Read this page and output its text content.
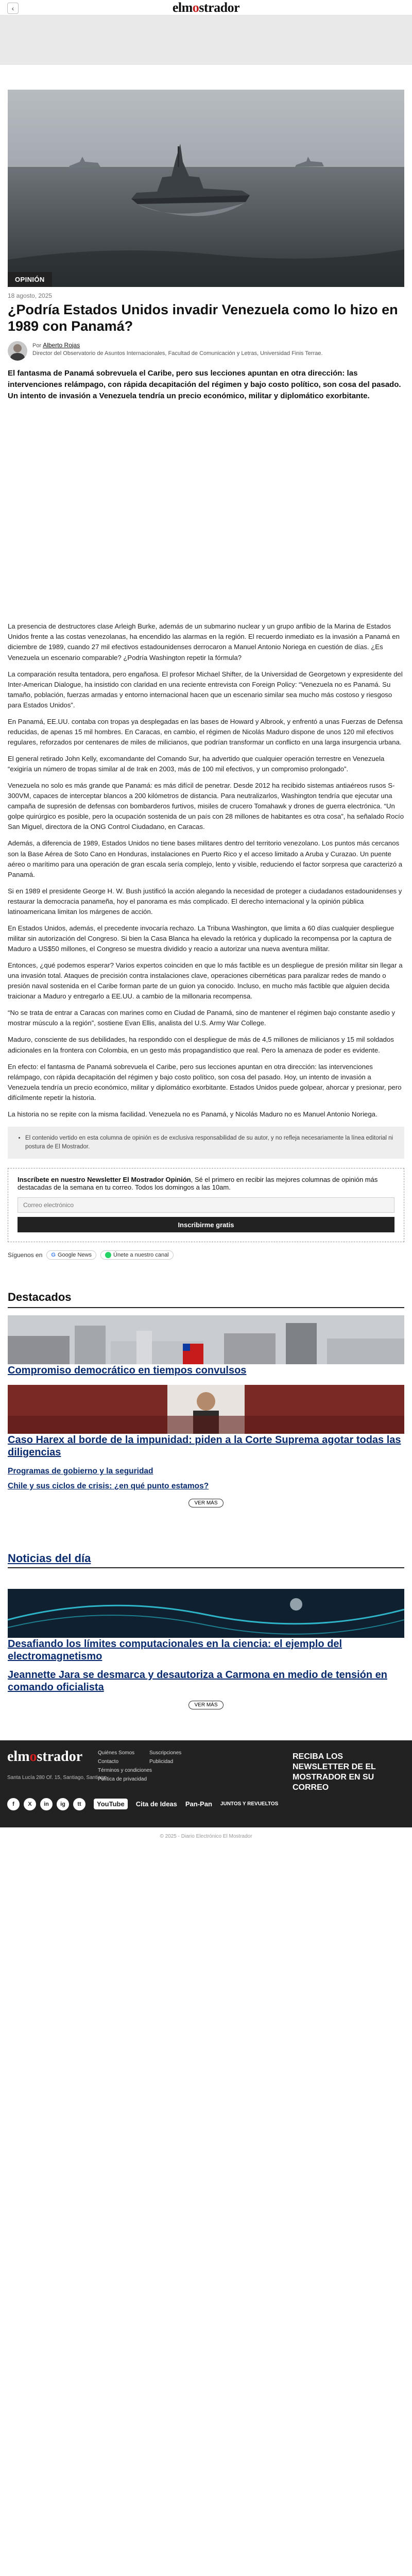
‹	elmostrador
OPINIÓN
18 agosto, 2025
¿Podría Estados Unidos invadir Venezuela como lo hizo en 1989 con Panamá?
Por Alberto Rojas
Director del Observatorio de Asuntos Internacionales, Facultad de Comunicación y Letras, Universidad Finis Terrae.

El fantasma de Panamá sobrevuela el Caribe, pero sus lecciones apuntan en otra dirección: las intervenciones relámpago, con rápida decapitación del régimen y bajo costo político, son cosa del pasado. Un intento de invasión a Venezuela tendría un precio económico, militar y diplomático exorbitante.

La presencia de destructores clase Arleigh Burke, además de un submarino nuclear y un grupo anfibio de la Marina de Estados Unidos frente a las costas venezolanas, ha encendido las alarmas en la región. El recuerdo inmediato es la invasión a Panamá en diciembre de 1989, cuando 27 mil efectivos estadounidenses derrocaron a Manuel Antonio Noriega en cuestión de días. ¿Es Venezuela un escenario comparable? ¿Podría Washington repetir la fórmula?

La comparación resulta tentadora, pero engañosa. El profesor Michael Shifter, de la Universidad de Georgetown y expresidente del Inter-American Dialogue, ha insistido con claridad en una reciente entrevista con Foreign Policy: “Venezuela no es Panamá. Su tamaño, población, fuerzas armadas y entorno internacional hacen que un escenario similar sea mucho más costoso y riesgoso para Estados Unidos”.

En Panamá, EE.UU. contaba con tropas ya desplegadas en las bases de Howard y Albrook, y enfrentó a unas Fuerzas de Defensa reducidas, de apenas 15 mil hombres. En Caracas, en cambio, el régimen de Nicolás Maduro dispone de unos 120 mil efectivos regulares, reforzados por centenares de miles de milicianos, que podrían transformar un conflicto en una larga insurgencia urbana.

El general retirado John Kelly, excomandante del Comando Sur, ha advertido que cualquier operación terrestre en Venezuela “exigiría un número de tropas similar al de Irak en 2003, más de 100 mil efectivos, y un compromiso prolongado”.

Venezuela no solo es más grande que Panamá: es más difícil de penetrar. Desde 2012 ha recibido sistemas antiaéreos rusos S-300VM, capaces de interceptar blancos a 200 kilómetros de distancia. Para neutralizarlos, Washington tendría que ejecutar una campaña de supresión de defensas con bombarderos furtivos, misiles de crucero Tomahawk y drones de guerra electrónica. “Un golpe quirúrgico es posible, pero la ocupación sostenida de un país con 28 millones de habitantes es otra cosa”, ha señalado Rocío San Miguel, directora de la ONG Control Ciudadano, en Caracas.

Además, a diferencia de 1989, Estados Unidos no tiene bases militares dentro del territorio venezolano. Los puntos más cercanos son la Base Aérea de Soto Cano en Honduras, instalaciones en Puerto Rico y el acceso limitado a Aruba y Curazao. Un puente aéreo o marítimo para una operación de gran escala sería complejo, lento y visible, reduciendo el factor sorpresa que caracterizó a Panamá.

Si en 1989 el presidente George H. W. Bush justificó la acción alegando la necesidad de proteger a ciudadanos estadounidenses y restaurar la democracia panameña, hoy el panorama es más complicado. El derecho internacional y la opinión pública latinoamericana limitan los márgenes de acción.

En Estados Unidos, además, el precedente invocaría rechazo. La Tribuna Washington, que limita a 60 días cualquier despliegue militar sin autorización del Congreso. Si bien la Casa Blanca ha elevado la retórica y duplicado la recompensa por la captura de Maduro a US$50 millones, el Congreso se muestra dividido y reacio a autorizar una nueva aventura militar.

Entonces, ¿qué podemos esperar? Varios expertos coinciden en que lo más factible es un despliegue de presión militar sin llegar a una invasión total. Ataques de precisión contra instalaciones clave, operaciones cibernéticas para paralizar redes de mando o presión naval sostenida en el Caribe forman parte de un guion ya conocido. Incluso, en mucho más factible que alguien decida traicionar a Maduro y entregarlo a EE.UU. a cambio de la millonaria recompensa.

“No se trata de entrar a Caracas con marines como en Ciudad de Panamá, sino de mantener el régimen bajo constante asedio y mostrar músculo a la región”, sostiene Evan Ellis, analista del U.S. Army War College.

Maduro, consciente de sus debilidades, ha respondido con el despliegue de más de 4,5 millones de milicianos y 15 mil soldados adicionales en la frontera con Colombia, en un gesto más propagandístico que real. Pero la amenaza de poder es evidente.

En efecto: el fantasma de Panamá sobrevuela el Caribe, pero sus lecciones apuntan en otra dirección: las intervenciones relámpago, con rápida decapitación del régimen y bajo costo político, son cosa del pasado. Hoy, un intento de invasión a Venezuela tendría un precio económico, militar y diplomático exorbitante. Estados Unidos puede golpear, ahorcar y presionar, pero difícilmente repetir la historia.

La historia no se repite con la misma facilidad. Venezuela no es Panamá, y Nicolás Maduro no es Manuel Antonio Noriega.

• El contenido vertido en esta columna de opinión es de exclusiva responsabilidad de su autor, y no refleja necesariamente la línea editorial ni postura de El Mostrador.
Inscríbete en nuestro Newsletter El Mostrador Opinión, Sé el primero en recibir las mejores columnas de opinión más destacadas de la semana en tu correo. Todos los domingos a las 10am.
Correo electrónico
Inscribirme gratis
Síguenos en G Google News	Únete a nuestro canal
Destacados
Compromiso democrático en tiempos convulsos
Caso Harex al borde de la impunidad: piden a la Corte Suprema agotar todas las diligencias
Programas de gobierno y la seguridad
Chile y sus ciclos de crisis: ¿en qué punto estamos?
VER MÁS
Noticias del día
Desafiando los límites computacionales en la ciencia: el ejemplo del electromagnetismo
Jeannette Jara se desmarca y desautoriza a Carmona en medio de tensión en comando oficialista
VER MÁS
elmostrador	Quiénes Somos
Contacto
Términos y condiciones
Política de privacidad
Suscripciones
Publicidad
Santa Lucía 280 Of. 15, Santiago, Santiago
RECIBA LOS NEWSLETTER DE EL MOSTRADOR EN SU CORREO
f	X	in	ig	tt	YouTube	Cita de Ideas Pan-Pan JUNTOS Y REVUELTOS
© 2025 - Diario Electrónico El Mostrador
